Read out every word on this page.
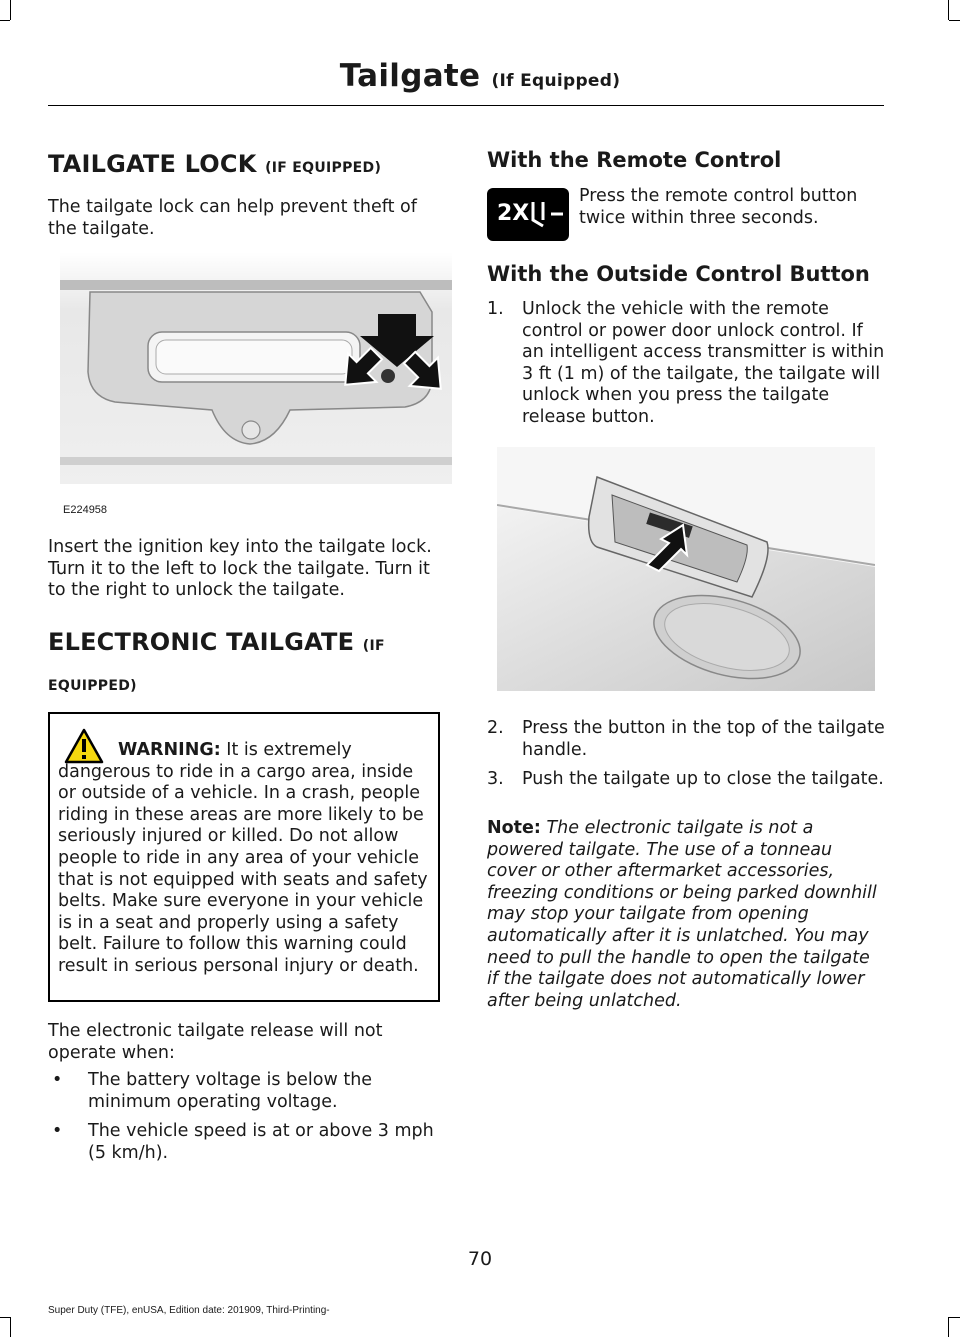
Tailgate (If Equipped)
TAILGATE LOCK (IF EQUIPPED)

The tailgate lock can help prevent theft of the tailgate.

E224958

Insert the ignition key into the tailgate lock. Turn it to the left to lock the tailgate. Turn it to the right to unlock the tailgate.

ELECTRONIC TAILGATE (IF
EQUIPPED)
WARNING: It is extremely dangerous to ride in a cargo area, inside or outside of a vehicle. In a crash, people riding in these areas are more likely to be seriously injured or killed. Do not allow people to ride in any area of your vehicle that is not equipped with seats and safety belts. Make sure everyone in your vehicle is in a seat and properly using a safety belt. Failure to follow this warning could result in serious personal injury or death.

The electronic tailgate release will not operate when:

• The battery voltage is below the minimum operating voltage.
• The vehicle speed is at or above 3 mph (5 km/h).
With the Remote Control
2X

Press the remote control button twice within three seconds.

With the Outside Control Button
1. Unlock the vehicle with the remote control or power door unlock control. If an intelligent access transmitter is within 3 ft (1 m) of the tailgate, the tailgate will unlock when you press the tailgate release button.
2. Press the button in the top of the tailgate handle.
3. Push the tailgate up to close the tailgate.

Note: The electronic tailgate is not a powered tailgate. The use of a tonneau cover or other aftermarket accessories, freezing conditions or being parked downhill may stop your tailgate from opening automatically after it is unlatched. You may need to pull the handle to open the tailgate if the tailgate does not automatically lower after being unlatched.

70
Super Duty (TFE), enUSA, Edition date: 201909, Third-Printing-
